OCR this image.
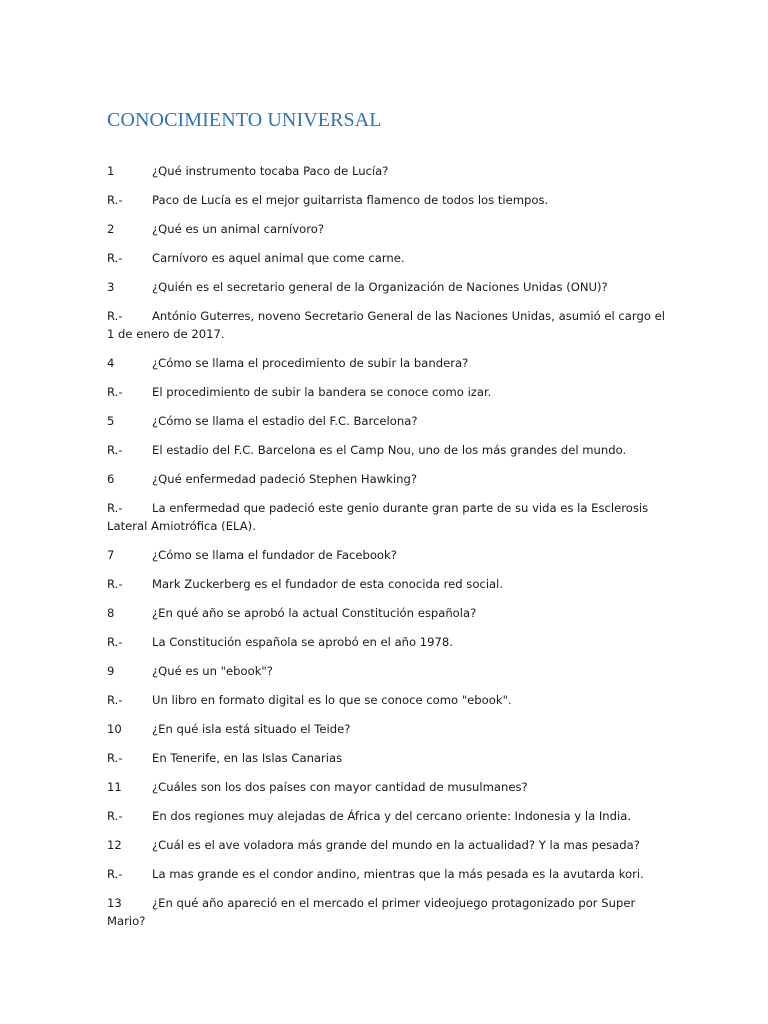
CONOCIMIENTO UNIVERSAL

1	¿Qué instrumento tocaba Paco de Lucía?

R.-	Paco de Lucía es el mejor guitarrista flamenco de todos los tiempos.

2	¿Qué es un animal carnívoro?

R.-	Carnívoro es aquel animal que come carne.

3	¿Quién es el secretario general de la Organización de Naciones Unidas (ONU)?

R.-	António Guterres, noveno Secretario General de las Naciones Unidas, asumió el cargo el 1 de enero de 2017.

4	¿Cómo se llama el procedimiento de subir la bandera?

R.-	El procedimiento de subir la bandera se conoce como izar.

5	¿Cómo se llama el estadio del F.C. Barcelona?

R.-	El estadio del F.C. Barcelona es el Camp Nou, uno de los más grandes del mundo.

6	¿Qué enfermedad padeció Stephen Hawking?

R.-	La enfermedad que padeció este genio durante gran parte de su vida es la Esclerosis Lateral Amiotrófica (ELA).

7	¿Cómo se llama el fundador de Facebook?

R.-	Mark Zuckerberg es el fundador de esta conocida red social.

8	¿En qué año se aprobó la actual Constitución española?

R.-	La Constitución española se aprobó en el año 1978.

9	¿Qué es un "ebook"?

R.-	Un libro en formato digital es lo que se conoce como "ebook".

10	¿En qué isla está situado el Teide?

R.-	En Tenerife, en las Islas Canarias

11	¿Cuáles son los dos países con mayor cantidad de musulmanes?

R.-	En dos regiones muy alejadas de África y del cercano oriente: Indonesia y la India.

12	¿Cuál es el ave voladora más grande del mundo en la actualidad? Y la mas pesada?

R.-	La mas grande es el condor andino, mientras que la más pesada es la avutarda kori.

13	¿En qué año apareció en el mercado el primer videojuego protagonizado por Super Mario?
